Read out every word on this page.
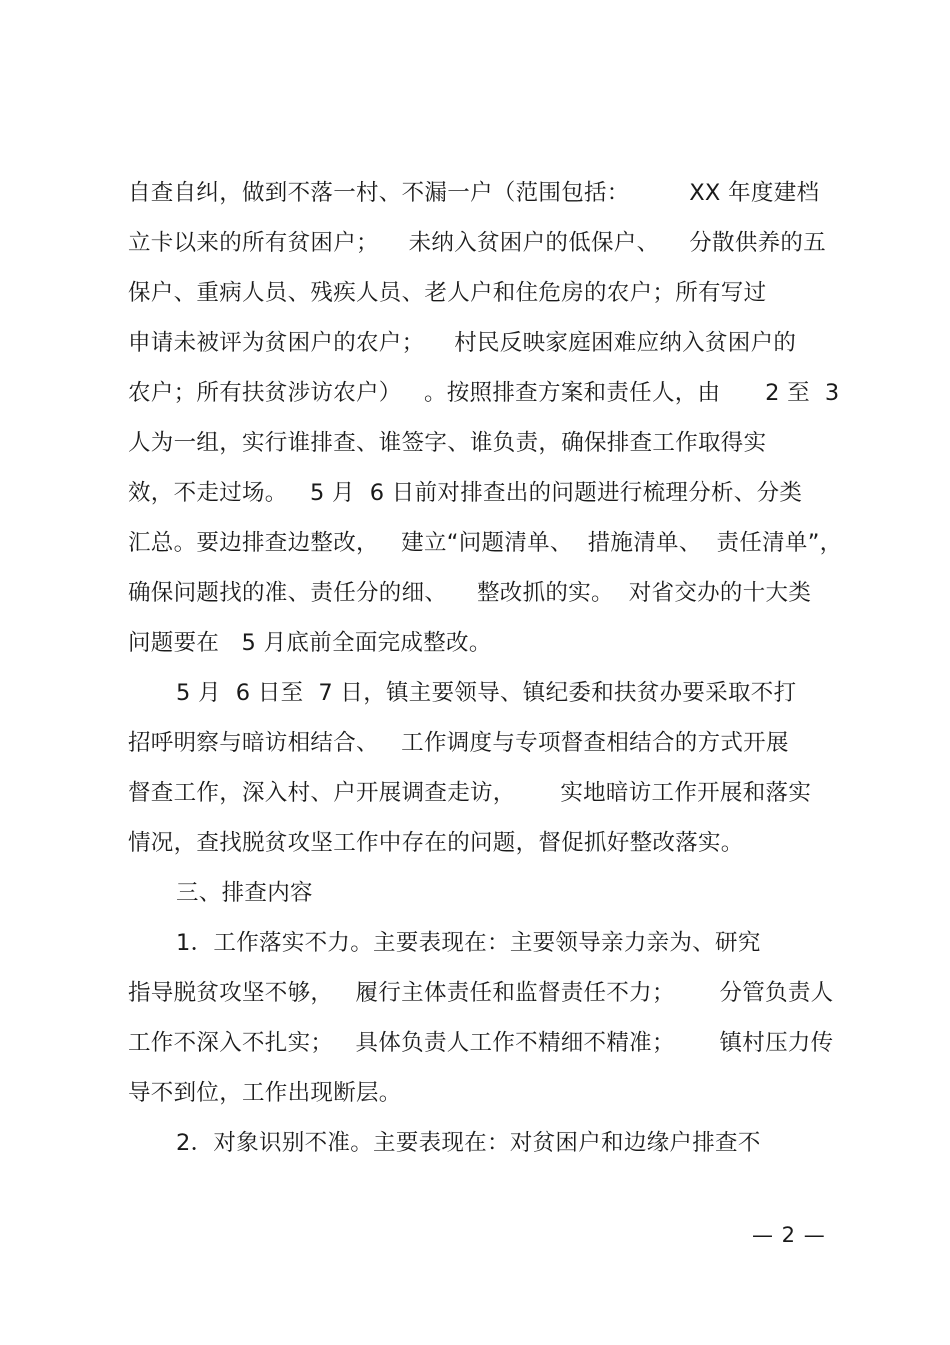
自查自纠，做到不落一村、不漏一户（范围包括：        XX 年度建档
立卡以来的所有贫困户；    未纳入贫困户的低保户、    分散供养的五
保户、重病人员、残疾人员、老人户和住危房的农户；所有写过
申请未被评为贫困户的农户；    村民反映家庭困难应纳入贫困户的
农户；所有扶贫涉访农户）   。按照排查方案和责任人，由      2 至  3
人为一组，实行谁排查、谁签字、谁负责，确保排查工作取得实
效，不走过场。   5 月  6 日前对排查出的问题进行梳理分析、分类
汇总。要边排查边整改，   建立“问题清单、  措施清单、  责任清单”，
确保问题找的准、责任分的细、    整改抓的实。  对省交办的十大类
问题要在   5 月底前全面完成整改。
5 月  6 日至  7 日，镇主要领导、镇纪委和扶贫办要采取不打
招呼明察与暗访相结合、   工作调度与专项督查相结合的方式开展
督查工作，深入村、户开展调查走访，      实地暗访工作开展和落实
情况，查找脱贫攻坚工作中存在的问题，督促抓好整改落实。
三、排查内容
1．工作落实不力。主要表现在：主要领导亲力亲为、研究
指导脱贫攻坚不够，   履行主体责任和监督责任不力；      分管负责人
工作不深入不扎实；   具体负责人工作不精细不精准；      镇村压力传
导不到位，工作出现断层。
2．对象识别不准。主要表现在：对贫困户和边缘户排查不
— 2 —
